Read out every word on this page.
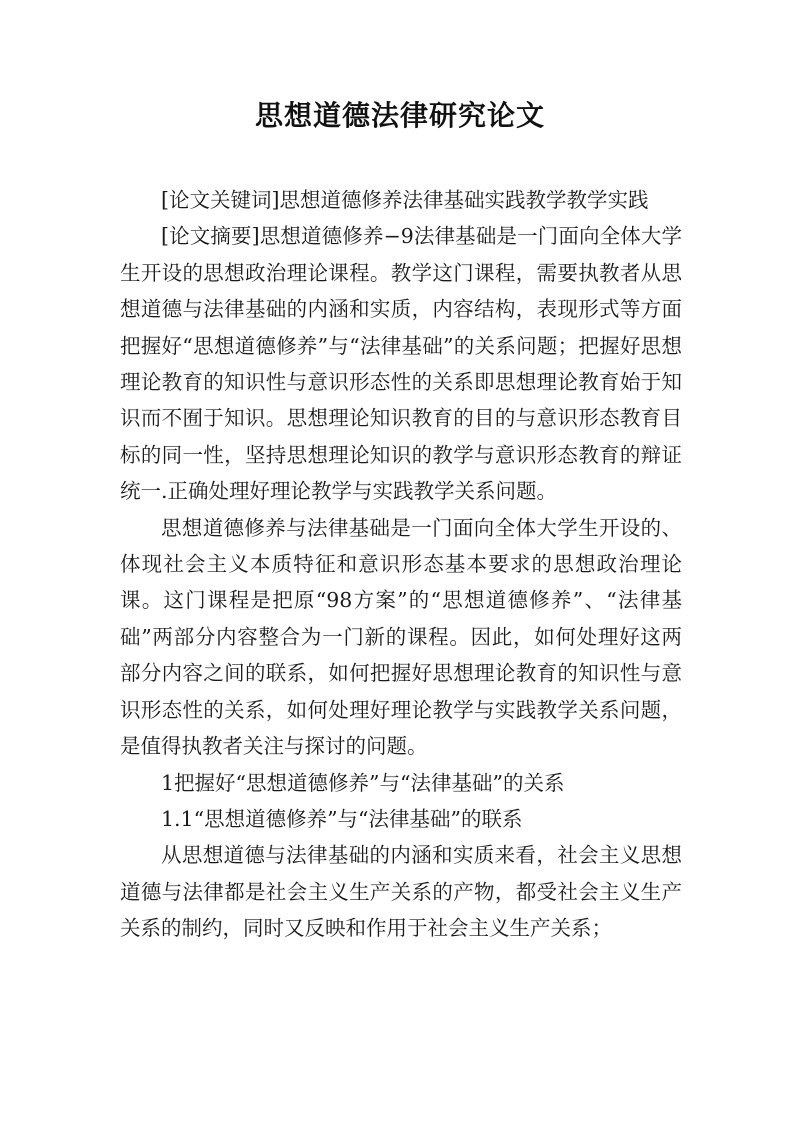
思想道德法律研究论文

[论文关键词]思想道德修养法律基础实践教学教学实践

[论文摘要]思想道德修养−9法律基础是一门面向全体大学生开设的思想政治理论课程。教学这门课程，需要执教者从思想道德与法律基础的内涵和实质，内容结构，表现形式等方面把握好“思想道德修养”与“法律基础”的关系问题；把握好思想理论教育的知识性与意识形态性的关系即思想理论教育始于知识而不囿于知识。思想理论知识教育的目的与意识形态教育目标的同一性，坚持思想理论知识的教学与意识形态教育的辩证统一.正确处理好理论教学与实践教学关系问题。

思想道德修养与法律基础是一门面向全体大学生开设的、体现社会主义本质特征和意识形态基本要求的思想政治理论课。这门课程是把原“98方案”的“思想道德修养”、“法律基础”两部分内容整合为一门新的课程。因此，如何处理好这两部分内容之间的联系，如何把握好思想理论教育的知识性与意识形态性的关系，如何处理好理论教学与实践教学关系问题，是值得执教者关注与探讨的问题。

1把握好“思想道德修养”与“法律基础”的关系

1.1“思想道德修养”与“法律基础”的联系

从思想道德与法律基础的内涵和实质来看，社会主义思想道德与法律都是社会主义生产关系的产物，都受社会主义生产关系的制约，同时又反映和作用于社会主义生产关系；
